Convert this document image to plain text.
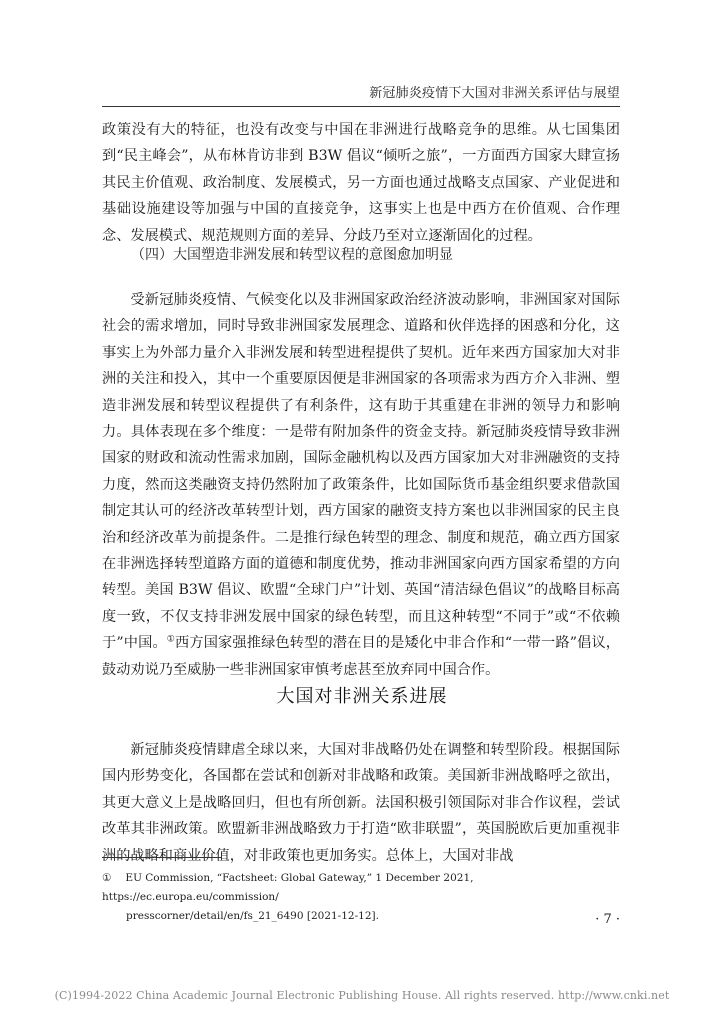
新冠肺炎疫情下大国对非洲关系评估与展望

政策没有大的特征，也没有改变与中国在非洲进行战略竞争的思维。从七国集团到“民主峰会”，从布林肯访非到 B3W 倡议“倾听之旅”，一方面西方国家大肆宣扬其民主价值观、政治制度、发展模式，另一方面也通过战略支点国家、产业促进和基础设施建设等加强与中国的直接竞争，这事实上也是中西方在价值观、合作理念、发展模式、规范规则方面的差异、分歧乃至对立逐渐固化的过程。

（四）大国塑造非洲发展和转型议程的意图愈加明显

受新冠肺炎疫情、气候变化以及非洲国家政治经济波动影响，非洲国家对国际社会的需求增加，同时导致非洲国家发展理念、道路和伙伴选择的困惑和分化，这事实上为外部力量介入非洲发展和转型进程提供了契机。近年来西方国家加大对非洲的关注和投入，其中一个重要原因便是非洲国家的各项需求为西方介入非洲、塑造非洲发展和转型议程提供了有利条件，这有助于其重建在非洲的领导力和影响力。具体表现在多个维度：一是带有附加条件的资金支持。新冠肺炎疫情导致非洲国家的财政和流动性需求加剧，国际金融机构以及西方国家加大对非洲融资的支持力度，然而这类融资支持仍然附加了政策条件，比如国际货币基金组织要求借款国制定其认可的经济改革转型计划，西方国家的融资支持方案也以非洲国家的民主良治和经济改革为前提条件。二是推行绿色转型的理念、制度和规范，确立西方国家在非洲选择转型道路方面的道德和制度优势，推动非洲国家向西方国家希望的方向转型。美国 B3W 倡议、欧盟“全球门户”计划、英国“清洁绿色倡议”的战略目标高度一致，不仅支持非洲发展中国家的绿色转型，而且这种转型“不同于”或“不依赖于”中国。①西方国家强推绿色转型的潜在目的是矮化中非合作和“一带一路”倡议，鼓动劝说乃至威胁一些非洲国家审慎考虑甚至放弃同中国合作。

大国对非洲关系进展

新冠肺炎疫情肆虐全球以来，大国对非战略仍处在调整和转型阶段。根据国际国内形势变化，各国都在尝试和创新对非战略和政策。美国新非洲战略呼之欲出，其更大意义上是战略回归，但也有所创新。法国积极引领国际对非合作议程，尝试改革其非洲政策。欧盟新非洲战略致力于打造“欧非联盟”，英国脱欧后更加重视非洲的战略和商业价值，对非政策也更加务实。总体上，大国对非战

① EU Commission, “Factsheet: Global Gateway,” 1 December 2021, https://ec.europa.eu/commission/
presscorner/detail/en/fs_21_6490 [2021-12-12].	· 7 ·
(C)1994-2022 China Academic Journal Electronic Publishing House. All rights reserved. http://www.cnki.net
